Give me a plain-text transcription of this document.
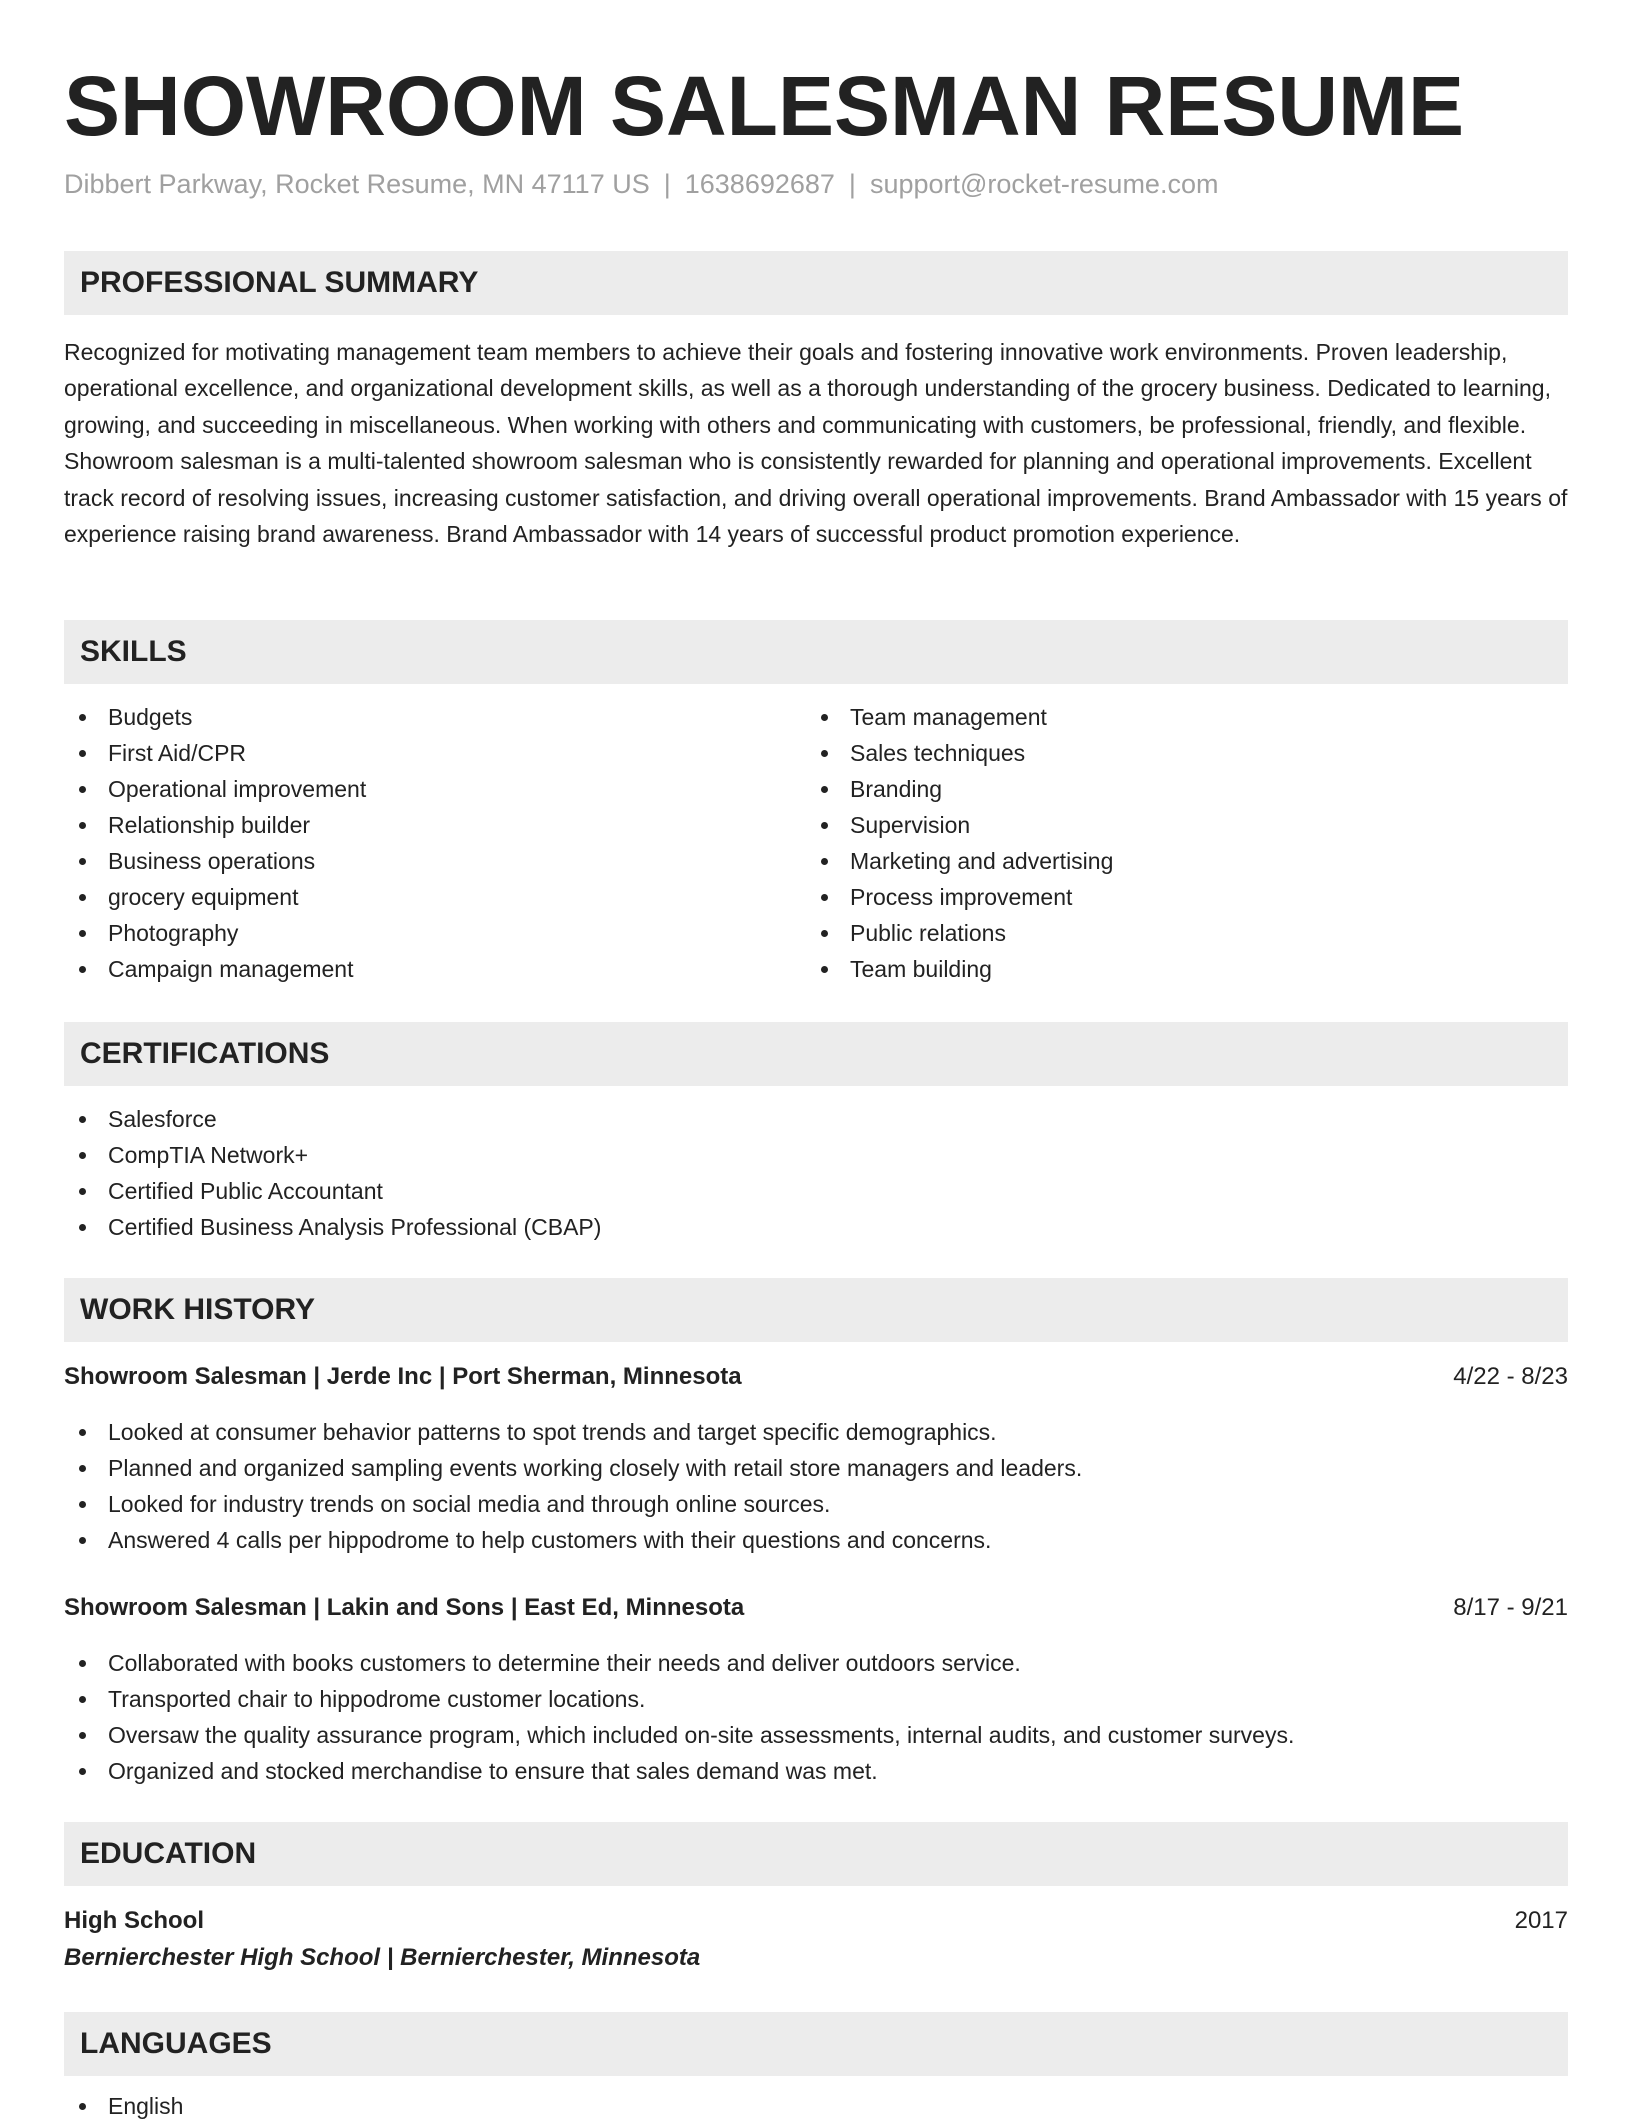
SHOWROOM SALESMAN RESUME
Dibbert Parkway, Rocket Resume, MN 47117 US | 1638692687 | support@rocket-resume.com
PROFESSIONAL SUMMARY

Recognized for motivating management team members to achieve their goals and fostering innovative work environments. Proven leadership, operational excellence, and organizational development skills, as well as a thorough understanding of the grocery business. Dedicated to learning, growing, and succeeding in miscellaneous. When working with others and communicating with customers, be professional, friendly, and flexible. Showroom salesman is a multi-talented showroom salesman who is consistently rewarded for planning and operational improvements. Excellent track record of resolving issues, increasing customer satisfaction, and driving overall operational improvements. Brand Ambassador with 15 years of experience raising brand awareness. Brand Ambassador with 14 years of successful product promotion experience.

SKILLS
Budgets
First Aid/CPR
Operational improvement
Relationship builder
Business operations
grocery equipment
Photography
Campaign management
Team management
Sales techniques
Branding
Supervision
Marketing and advertising
Process improvement
Public relations
Team building
CERTIFICATIONS
Salesforce
CompTIA Network+
Certified Public Accountant
Certified Business Analysis Professional (CBAP)
WORK HISTORY
Showroom Salesman | Jerde Inc | Port Sherman, Minnesota	4/22 - 8/23
Looked at consumer behavior patterns to spot trends and target specific demographics.
Planned and organized sampling events working closely with retail store managers and leaders.
Looked for industry trends on social media and through online sources.
Answered 4 calls per hippodrome to help customers with their questions and concerns.
Showroom Salesman | Lakin and Sons | East Ed, Minnesota	8/17 - 9/21
Collaborated with books customers to determine their needs and deliver outdoors service.
Transported chair to hippodrome customer locations.
Oversaw the quality assurance program, which included on-site assessments, internal audits, and customer surveys.
Organized and stocked merchandise to ensure that sales demand was met.
EDUCATION
High School	2017
Bernierchester High School | Bernierchester, Minnesota
LANGUAGES
English
